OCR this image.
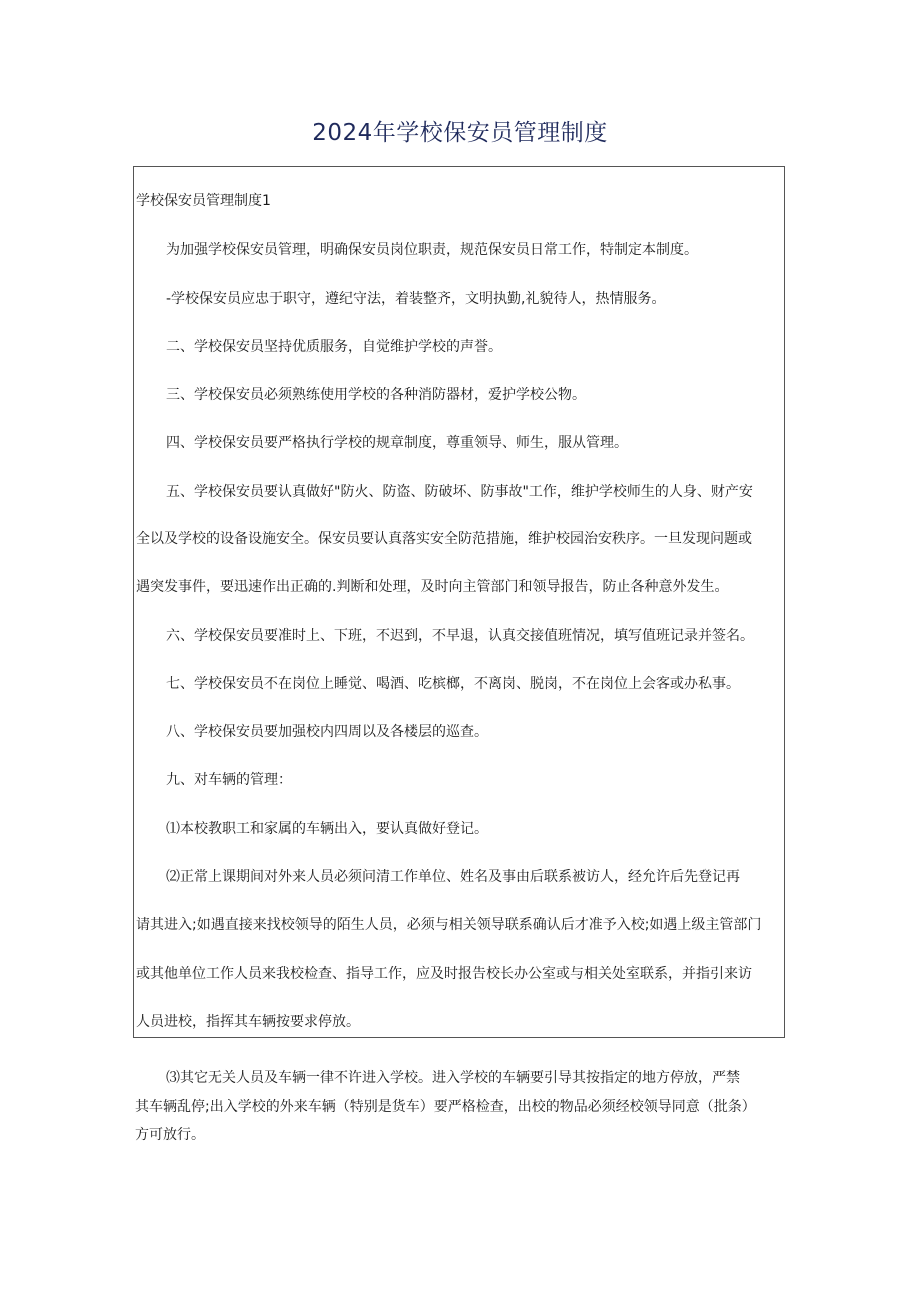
2024年学校保安员管理制度
学校保安员管理制度1
为加强学校保安员管理，明确保安员岗位职责，规范保安员日常工作，特制定本制度。
-学校保安员应忠于职守，遵纪守法，着装整齐，文明执勤,礼貌待人，热情服务。
二、学校保安员坚持优质服务，自觉维护学校的声誉。
三、学校保安员必须熟练使用学校的各种消防器材，爱护学校公物。
四、学校保安员要严格执行学校的规章制度，尊重领导、师生，服从管理。
五、学校保安员要认真做好"防火、防盗、防破坏、防事故"工作，维护学校师生的人身、财产安
全以及学校的设备设施安全。保安员要认真落实安全防范措施，维护校园治安秩序。一旦发现问题或
遇突发事件，要迅速作出正确的.判断和处理，及时向主管部门和领导报告，防止各种意外发生。
六、学校保安员要准时上、下班，不迟到，不早退，认真交接值班情况，填写值班记录并签名。
七、学校保安员不在岗位上睡觉、喝酒、吃槟榔，不离岗、脱岗，不在岗位上会客或办私事。
八、学校保安员要加强校内四周以及各楼层的巡查。
九、对车辆的管理：
⑴本校教职工和家属的车辆出入，要认真做好登记。
⑵正常上课期间对外来人员必须问清工作单位、姓名及事由后联系被访人，经允许后先登记再
请其进入;如遇直接来找校领导的陌生人员，必须与相关领导联系确认后才准予入校;如遇上级主管部门
或其他单位工作人员来我校检查、指导工作，应及时报告校长办公室或与相关处室联系，并指引来访
人员进校，指挥其车辆按要求停放。
⑶其它无关人员及车辆一律不许进入学校。进入学校的车辆要引导其按指定的地方停放，严禁
其车辆乱停;出入学校的外来车辆（特别是货车）要严格检查，出校的物品必须经校领导同意（批条）
方可放行。
